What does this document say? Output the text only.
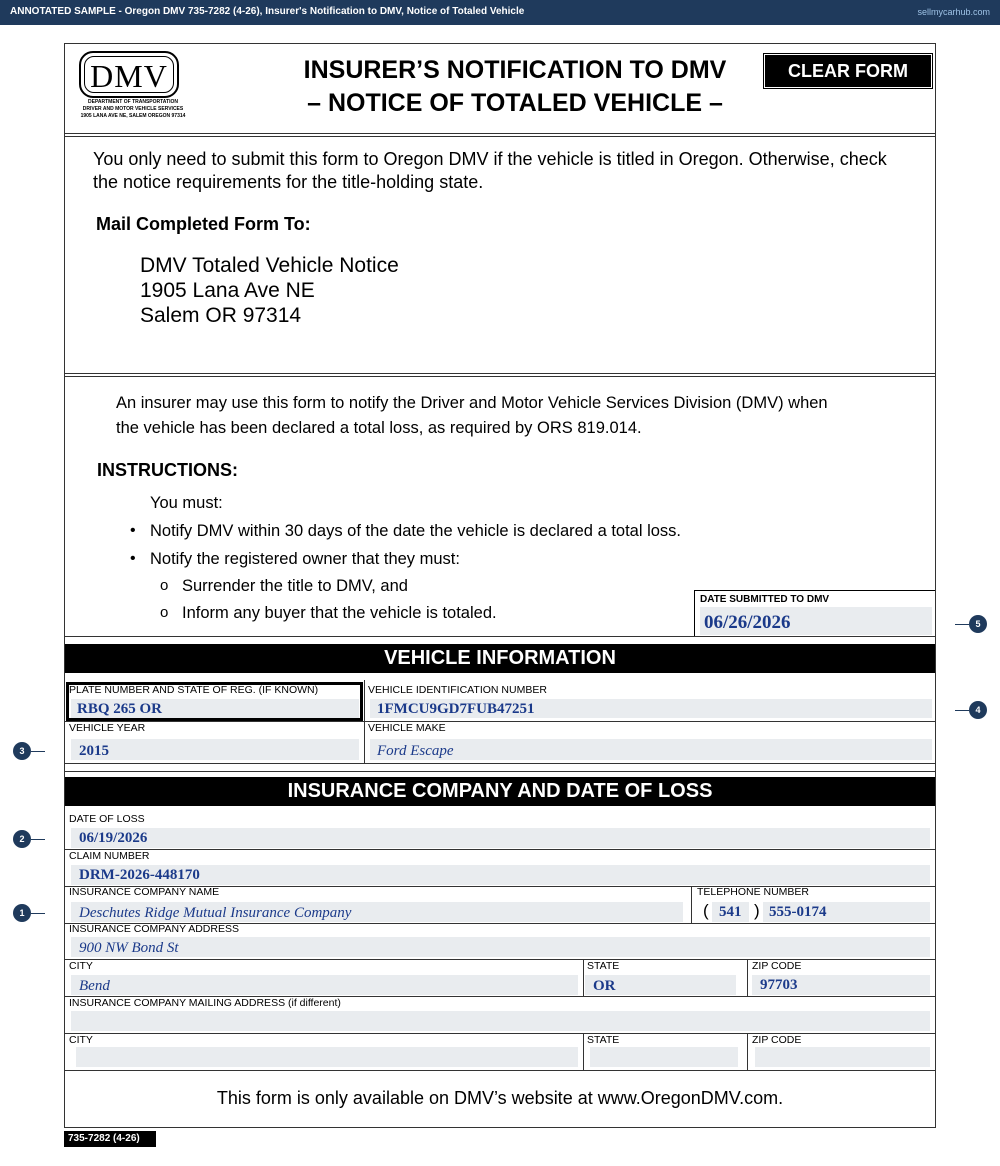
ANNOTATED SAMPLE - Oregon DMV 735-7282 (4-26), Insurer's Notification to DMV, Notice of Totaled Vehicle	sellmycarhub.com
DMV
DEPARTMENT OF TRANSPORTATION
DRIVER AND MOTOR VEHICLE SERVICES
1905 LANA AVE NE, SALEM OREGON 97314
INSURER’S NOTIFICATION TO DMV
– NOTICE OF TOTALED VEHICLE –
CLEAR FORM
You only need to submit this form to Oregon DMV if the vehicle is titled in Oregon. Otherwise, check the notice requirements for the title-holding state.
Mail Completed Form To:
DMV Totaled Vehicle Notice
1905 Lana Ave NE
Salem OR 97314
An insurer may use this form to notify the Driver and Motor Vehicle Services Division (DMV) when the vehicle has been declared a total loss, as required by ORS 819.014.
INSTRUCTIONS:
You must:
• Notify DMV within 30 days of the date the vehicle is declared a total loss.
• Notify the registered owner that they must:
o Surrender the title to DMV, and
o Inform any buyer that the vehicle is totaled.
DATE SUBMITTED TO DMV
06/26/2026
VEHICLE INFORMATION
PLATE NUMBER AND STATE OF REG. (IF KNOWN)
RBQ 265 OR
VEHICLE IDENTIFICATION NUMBER
1FMCU9GD7FUB47251
VEHICLE YEAR
2015
VEHICLE MAKE
Ford Escape
INSURANCE COMPANY AND DATE OF LOSS
DATE OF LOSS
06/19/2026
CLAIM NUMBER
DRM-2026-448170
INSURANCE COMPANY NAME
Deschutes Ridge Mutual Insurance Company
TELEPHONE NUMBER
( 541 ) 555-0174
INSURANCE COMPANY ADDRESS
900 NW Bond St
CITY
Bend
STATE
OR
ZIP CODE
97703
INSURANCE COMPANY MAILING ADDRESS (if different)
CITY	STATE	ZIP CODE
This form is only available on DMV’s website at www.OregonDMV.com.
735-7282 (4-26)
1
2
3
4
5
